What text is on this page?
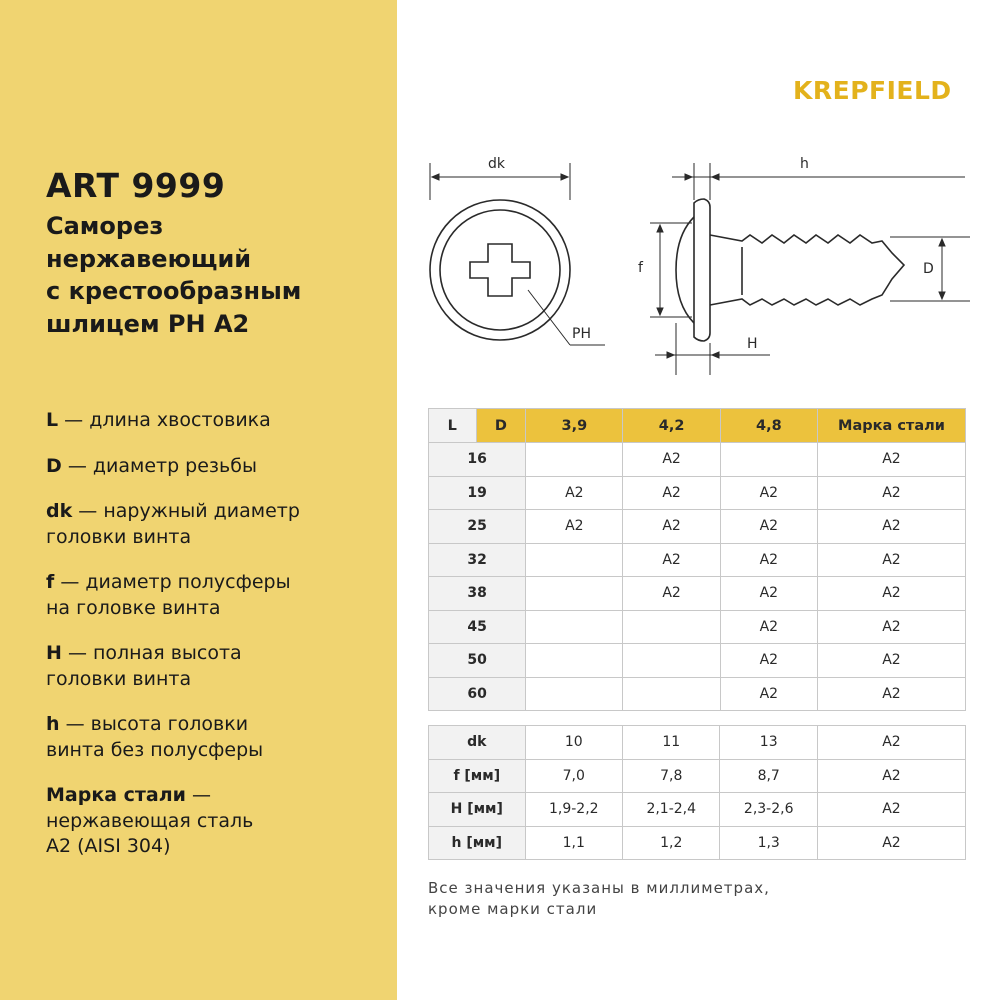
ART 9999
Саморез
нержавеющий
с крестообразным
шлицем PH A2
L — длина хвостовика
D — диаметр резьбы
dk — наружный диаметр
головки винта
f — диаметр полусферы
на головке винта
H — полная высота
головки винта
h — высота головки
винта без полусферы
Марка стали —
нержавеющая сталь
A2 (AISI 304)
KREPFIELD
dk
PH
h
f	D
H
L	D	3,9	4,2	4,8	Марка стали
16			A2		A2
19		A2	A2	A2	A2
25		A2	A2	A2	A2
32			A2	A2	A2
38			A2	A2	A2
45				A2	A2
50				A2	A2
60				A2	A2
dk	10	11	13	A2
f [мм]	7,0	7,8	8,7	A2
H [мм]	1,9-2,2	2,1-2,4	2,3-2,6	A2
h [мм]	1,1	1,2	1,3	A2
Все значения указаны в миллиметрах,
кроме марки стали
